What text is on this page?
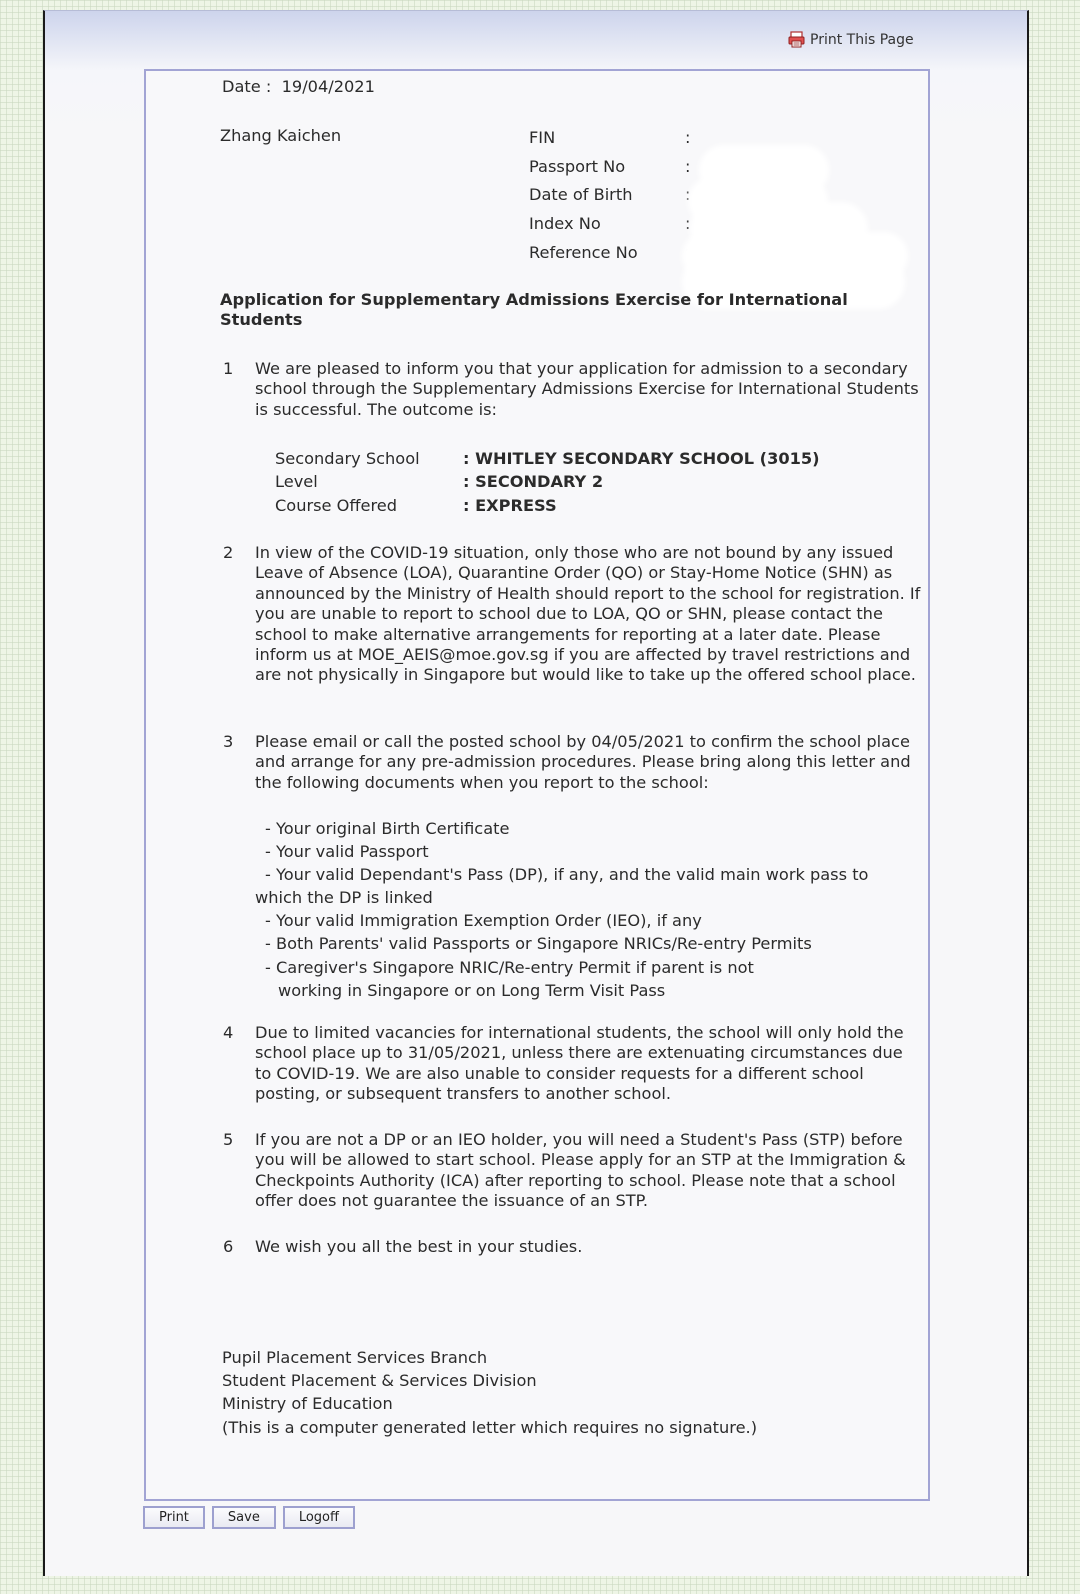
Print This Page
Date : 19/04/2021
Zhang Kaichen	FIN	:
Passport No	:
Date of Birth	:
Index No	:
Reference No
Application for Supplementary Admissions Exercise for International Students
1 We are pleased to inform you that your application for admission to a secondary school through the Supplementary Admissions Exercise for International Students is successful. The outcome is:
Secondary School	: WHITLEY SECONDARY SCHOOL (3015)
Level	: SECONDARY 2
Course Offered	: EXPRESS
2 In view of the COVID-19 situation, only those who are not bound by any issued Leave of Absence (LOA), Quarantine Order (QO) or Stay-Home Notice (SHN) as announced by the Ministry of Health should report to the school for registration. If you are unable to report to school due to LOA, QO or SHN, please contact the school to make alternative arrangements for reporting at a later date. Please inform us at MOE_AEIS@moe.gov.sg if you are affected by travel restrictions and are not physically in Singapore but would like to take up the offered school place.
3 Please email or call the posted school by 04/05/2021 to confirm the school place and arrange for any pre-admission procedures. Please bring along this letter and the following documents when you report to the school:
- Your original Birth Certificate
- Your valid Passport
- Your valid Dependant's Pass (DP), if any, and the valid main work pass to
which the DP is linked
- Your valid Immigration Exemption Order (IEO), if any
- Both Parents' valid Passports or Singapore NRICs/Re-entry Permits
- Caregiver's Singapore NRIC/Re-entry Permit if parent is not
working in Singapore or on Long Term Visit Pass
4 Due to limited vacancies for international students, the school will only hold the school place up to 31/05/2021, unless there are extenuating circumstances due to COVID-19. We are also unable to consider requests for a different school posting, or subsequent transfers to another school.
5 If you are not a DP or an IEO holder, you will need a Student's Pass (STP) before you will be allowed to start school. Please apply for an STP at the Immigration & Checkpoints Authority (ICA) after reporting to school. Please note that a school offer does not guarantee the issuance of an STP.
6 We wish you all the best in your studies.
Pupil Placement Services Branch
Student Placement & Services Division
Ministry of Education
(This is a computer generated letter which requires no signature.)
Print	Save	Logoff
